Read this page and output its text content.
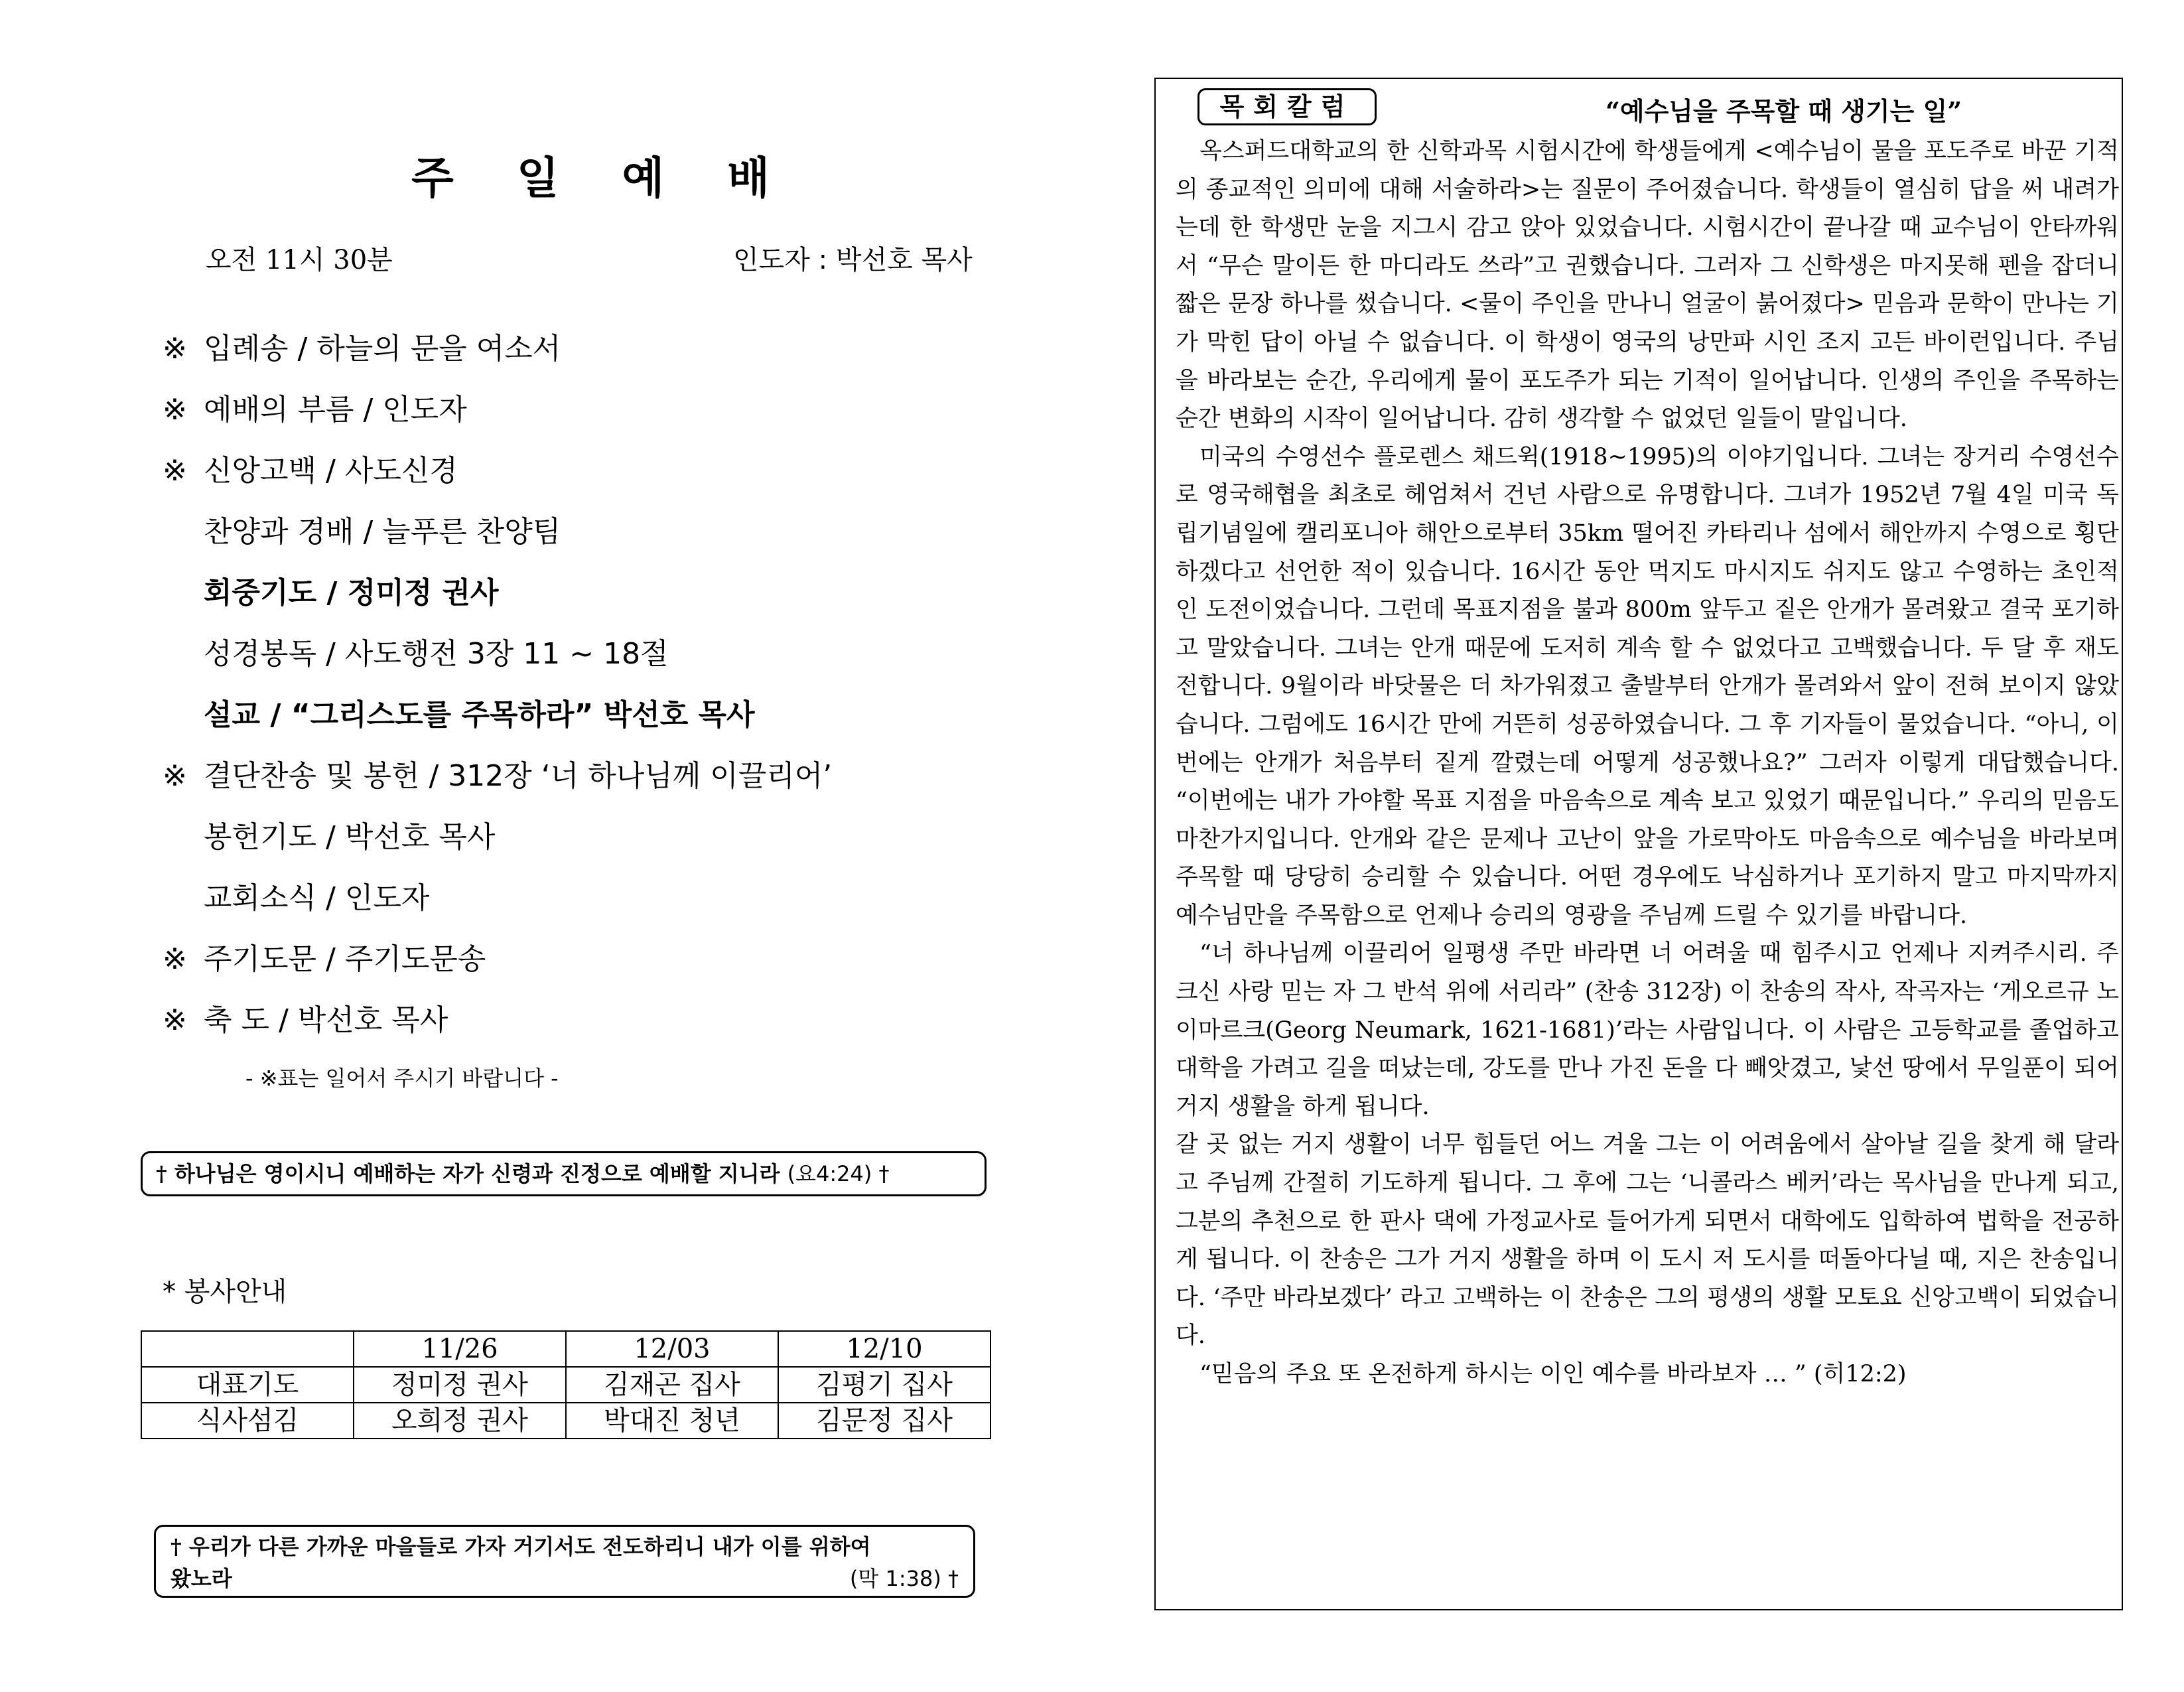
주 일 예 배
오전 11시 30분	인도자 : 박선호 목사
※ 입례송 / 하늘의 문을 여소서
※ 예배의 부름 / 인도자
※ 신앙고백 / 사도신경
찬양과 경배 / 늘푸른 찬양팀
회중기도 / 정미정 권사
성경봉독 / 사도행전 3장 11 ~ 18절
설교 / “그리스도를 주목하라” 박선호 목사
※ 결단찬송 및 봉헌 / 312장 ‘너 하나님께 이끌리어’
봉헌기도 / 박선호 목사
교회소식 / 인도자
※ 주기도문 / 주기도문송
※ 축 도 / 박선호 목사
- ※표는 일어서 주시기 바랍니다 -
† 하나님은 영이시니 예배하는 자가 신령과 진정으로 예배할 지니라 (요4:24) †
* 봉사안내
	11/26	12/03	12/10
대표기도	정미정 권사	김재곤 집사	김평기 집사
식사섬김	오희정 권사	박대진 청년	김문정 집사
† 우리가 다른 가까운 마을들로 가자 거기서도 전도하리니 내가 이를 위하여
왔노라	(막 1:38) †
목회칼럼	“예수님을 주목할 때 생기는 일”

옥스퍼드대학교의 한 신학과목 시험시간에 학생들에게 <예수님이 물을 포도주로 바꾼 기적의 종교적인 의미에 대해 서술하라>는 질문이 주어졌습니다. 학생들이 열심히 답을 써 내려가는데 한 학생만 눈을 지그시 감고 앉아 있었습니다. 시험시간이 끝나갈 때 교수님이 안타까워서 “무슨 말이든 한 마디라도 쓰라”고 권했습니다. 그러자 그 신학생은 마지못해 펜을 잡더니 짧은 문장 하나를 썼습니다. <물이 주인을 만나니 얼굴이 붉어졌다> 믿음과 문학이 만나는 기가 막힌 답이 아닐 수 없습니다. 이 학생이 영국의 낭만파 시인 조지 고든 바이런입니다. 주님을 바라보는 순간, 우리에게 물이 포도주가 되는 기적이 일어납니다. 인생의 주인을 주목하는 순간 변화의 시작이 일어납니다. 감히 생각할 수 없었던 일들이 말입니다.

미국의 수영선수 플로렌스 채드윅(1918~1995)의 이야기입니다. 그녀는 장거리 수영선수로 영국해협을 최초로 헤엄쳐서 건넌 사람으로 유명합니다. 그녀가 1952년 7월 4일 미국 독립기념일에 캘리포니아 해안으로부터 35km 떨어진 카타리나 섬에서 해안까지 수영으로 횡단하겠다고 선언한 적이 있습니다. 16시간 동안 먹지도 마시지도 쉬지도 않고 수영하는 초인적인 도전이었습니다. 그런데 목표지점을 불과 800m 앞두고 짙은 안개가 몰려왔고 결국 포기하고 말았습니다. 그녀는 안개 때문에 도저히 계속 할 수 없었다고 고백했습니다. 두 달 후 재도전합니다. 9월이라 바닷물은 더 차가워졌고 출발부터 안개가 몰려와서 앞이 전혀 보이지 않았습니다. 그럼에도 16시간 만에 거뜬히 성공하였습니다. 그 후 기자들이 물었습니다. “아니, 이번에는 안개가 처음부터 짙게 깔렸는데 어떻게 성공했나요?” 그러자 이렇게 대답했습니다. “이번에는 내가 가야할 목표 지점을 마음속으로 계속 보고 있었기 때문입니다.” 우리의 믿음도 마찬가지입니다. 안개와 같은 문제나 고난이 앞을 가로막아도 마음속으로 예수님을 바라보며 주목할 때 당당히 승리할 수 있습니다. 어떤 경우에도 낙심하거나 포기하지 말고 마지막까지 예수님만을 주목함으로 언제나 승리의 영광을 주님께 드릴 수 있기를 바랍니다.

“너 하나님께 이끌리어 일평생 주만 바라면 너 어려울 때 힘주시고 언제나 지켜주시리. 주 크신 사랑 믿는 자 그 반석 위에 서리라” (찬송 312장) 이 찬송의 작사, 작곡자는 ‘게오르규 노이마르크(Georg Neumark, 1621-1681)’라는 사람입니다. 이 사람은 고등학교를 졸업하고 대학을 가려고 길을 떠났는데, 강도를 만나 가진 돈을 다 빼앗겼고, 낯선 땅에서 무일푼이 되어 거지 생활을 하게 됩니다.

갈 곳 없는 거지 생활이 너무 힘들던 어느 겨울 그는 이 어려움에서 살아날 길을 찾게 해 달라고 주님께 간절히 기도하게 됩니다. 그 후에 그는 ‘니콜라스 베커’라는 목사님을 만나게 되고, 그분의 추천으로 한 판사 댁에 가정교사로 들어가게 되면서 대학에도 입학하여 법학을 전공하게 됩니다. 이 찬송은 그가 거지 생활을 하며 이 도시 저 도시를 떠돌아다닐 때, 지은 찬송입니다. ‘주만 바라보겠다’ 라고 고백하는 이 찬송은 그의 평생의 생활 모토요 신앙고백이 되었습니다.

“믿음의 주요 또 온전하게 하시는 이인 예수를 바라보자 … ” (히12:2)
